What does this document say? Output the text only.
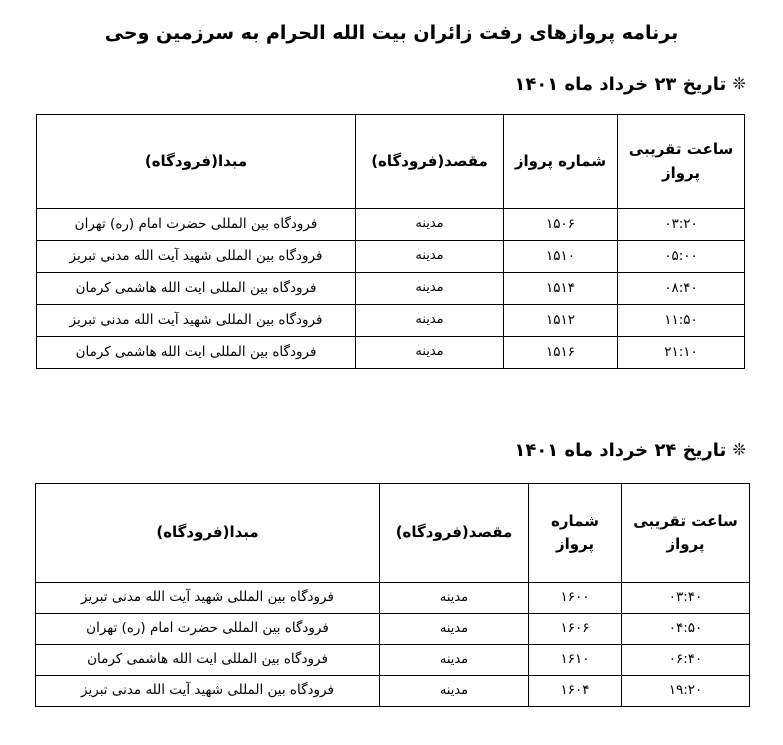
برنامه پروازهای رفت زائران بیت الله الحرام به سرزمین وحی
❊ تاریخ ۲۳ خرداد ماه ۱۴۰۱
ساعت تقریبی پرواز	شماره پرواز	مقصد(فرودگاه)	مبدا(فرودگاه)
۰۳:۲۰	۱۵۰۶	مدینه	فرودگاه بین المللی حضرت امام (ره) تهران
۰۵:۰۰	۱۵۱۰	مدینه	فرودگاه بین المللی شهید آیت الله مدنی تبریز
۰۸:۴۰	۱۵۱۴	مدینه	فرودگاه بین المللی ایت الله هاشمی کرمان
۱۱:۵۰	۱۵۱۲	مدینه	فرودگاه بین المللی شهید آیت الله مدنی تبریز
۲۱:۱۰	۱۵۱۶	مدینه	فرودگاه بین المللی ایت الله هاشمی کرمان
❊ تاریخ ۲۴ خرداد ماه ۱۴۰۱
ساعت تقریبی پرواز	شماره پرواز	مقصد(فرودگاه)	مبدا(فرودگاه)
۰۳:۴۰	۱۶۰۰	مدینه	فرودگاه بین المللی شهید آیت الله مدنی تبریز
۰۴:۵۰	۱۶۰۶	مدینه	فرودگاه بین المللی حضرت امام (ره) تهران
۰۶:۴۰	۱۶۱۰	مدینه	فرودگاه بین المللی ایت الله هاشمی کرمان
۱۹:۲۰	۱۶۰۴	مدینه	فرودگاه بین المللی شهید آیت الله مدنی تبریز
